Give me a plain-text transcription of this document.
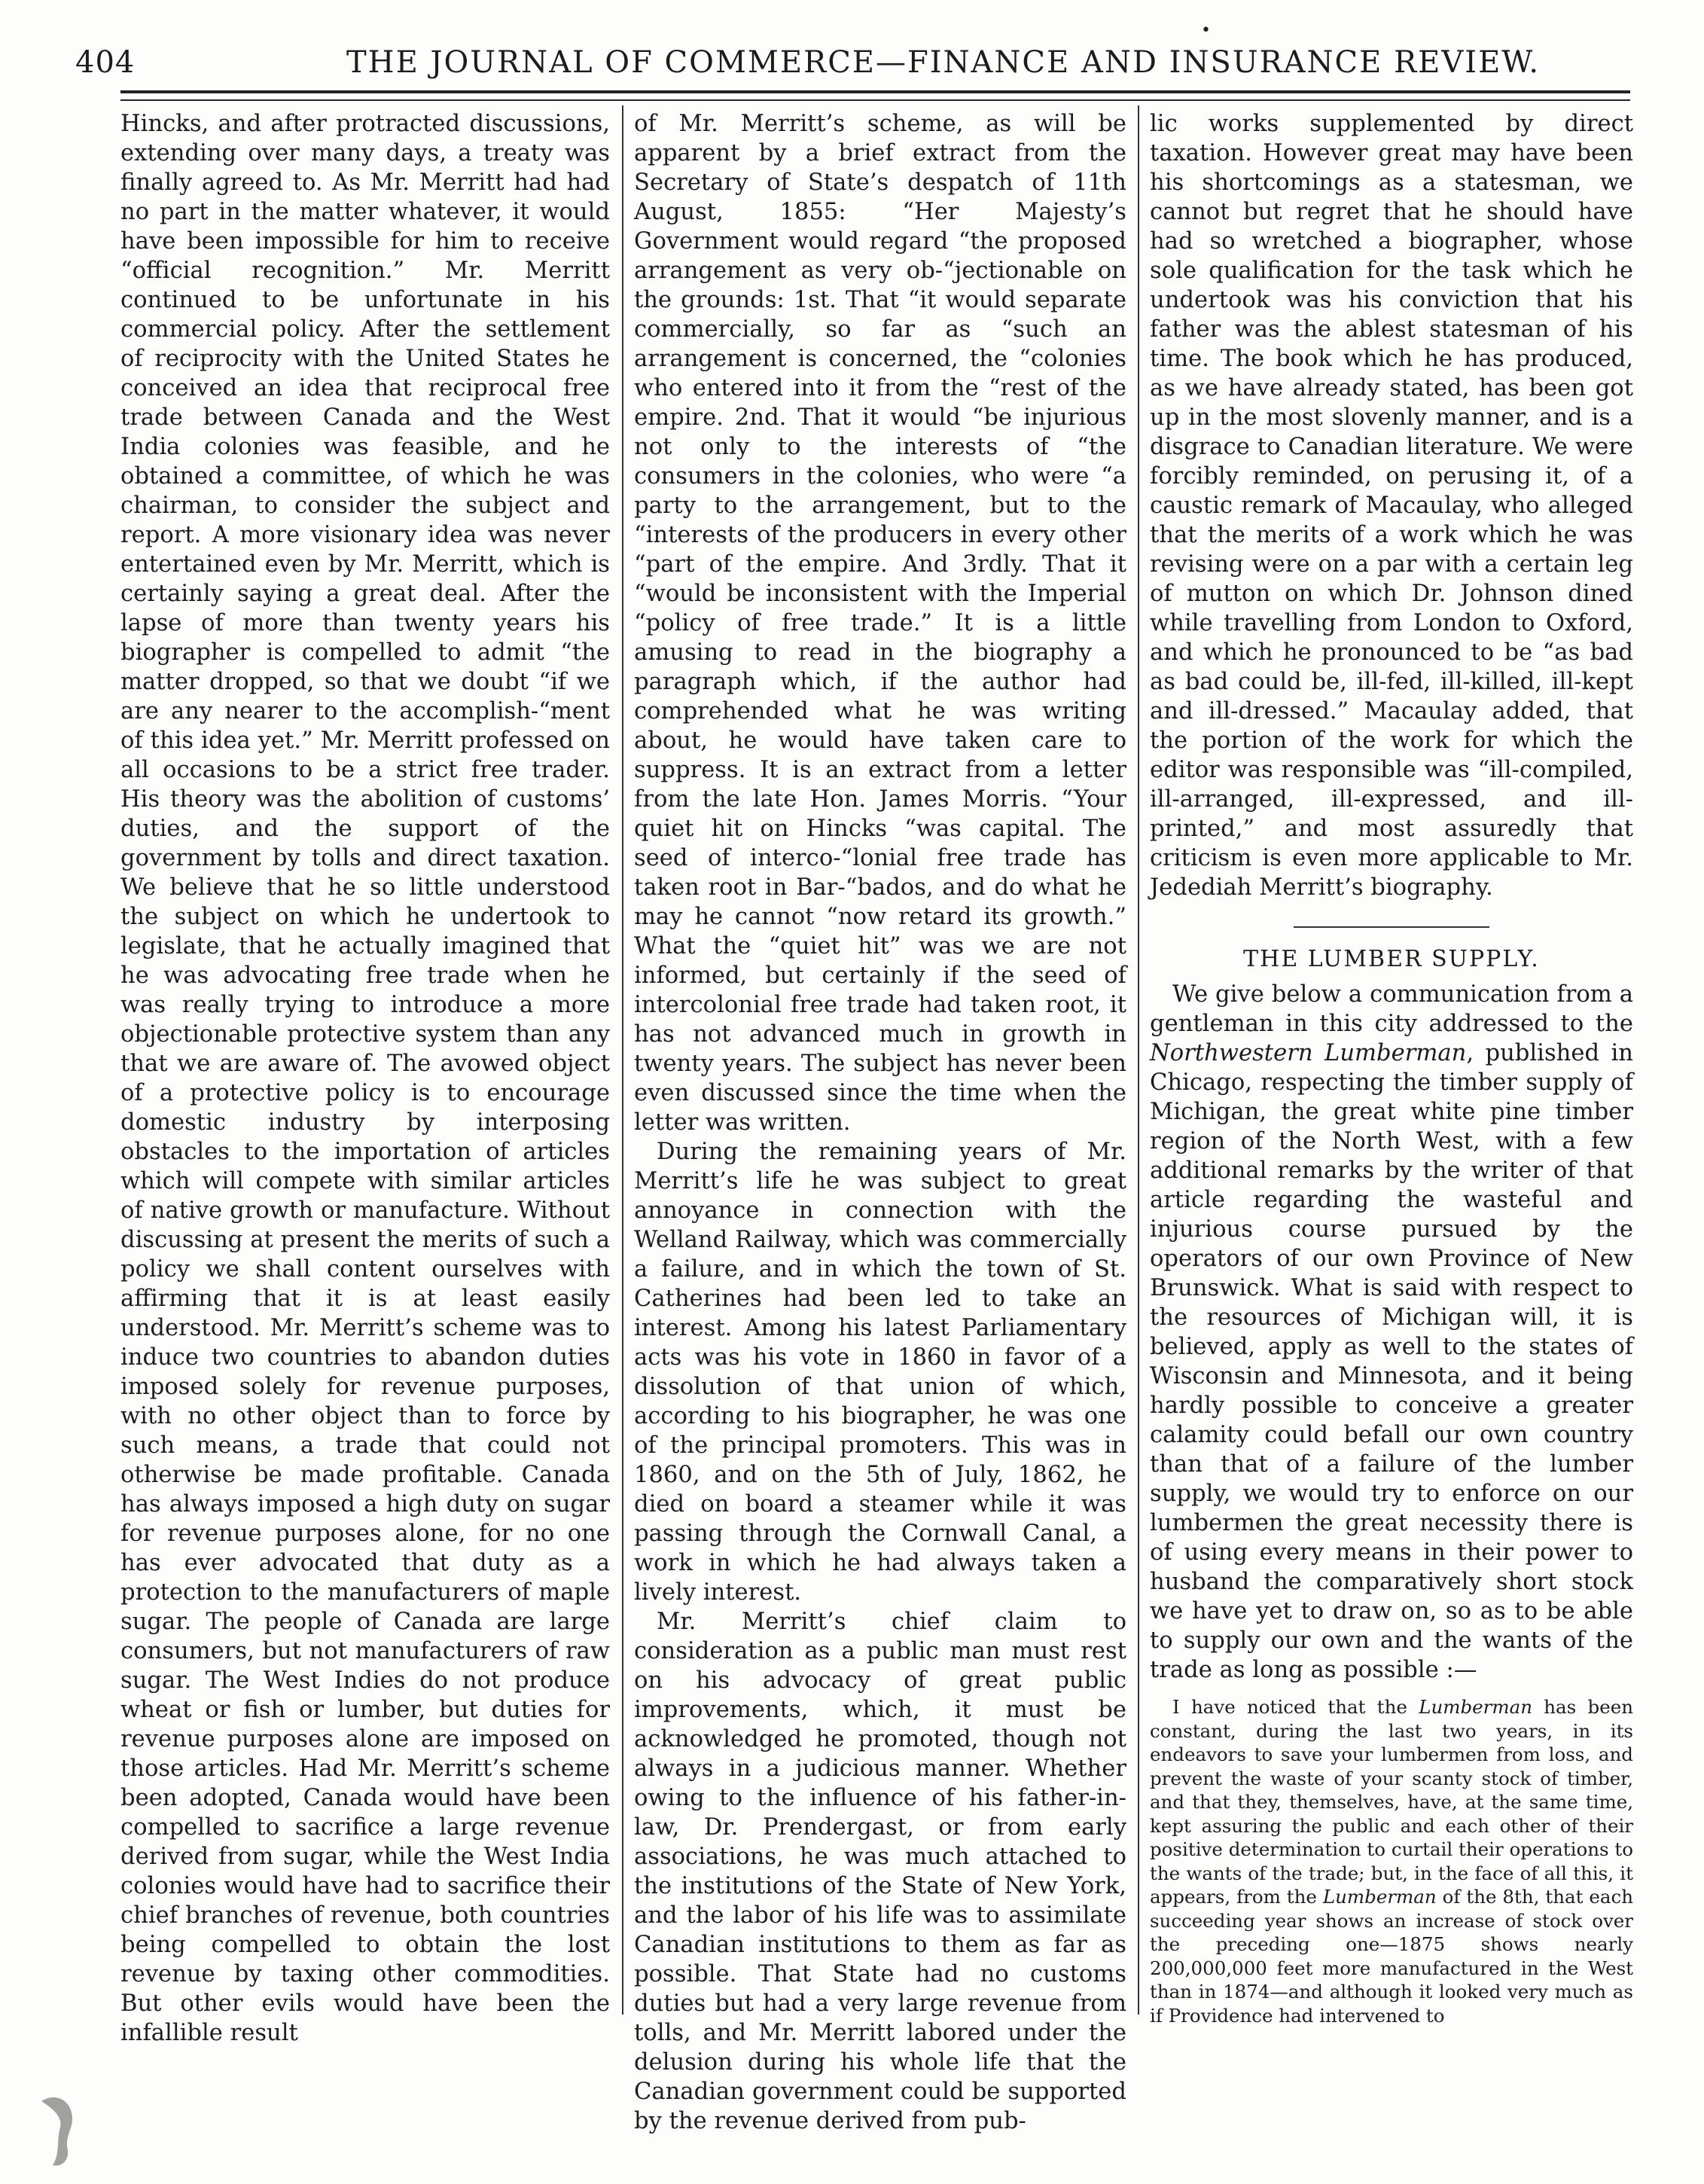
404	THE JOURNAL OF COMMERCE—FINANCE AND INSURANCE REVIEW.
•

Hincks, and after protracted discussions, extending over many days, a treaty was finally agreed to. As Mr. Merritt had had no part in the matter whatever, it would have been impossible for him to receive “official recognition.” Mr. Merritt continued to be unfortunate in his commercial policy. After the settlement of reciprocity with the United States he conceived an idea that reciprocal free trade between Canada and the West India colonies was feasible, and he obtained a committee, of which he was chairman, to consider the subject and report. A more visionary idea was never entertained even by Mr. Merritt, which is certainly saying a great deal. After the lapse of more than twenty years his biographer is compelled to admit “the matter dropped, so that we doubt “if we are any nearer to the accomplish-“ment of this idea yet.” Mr. Merritt professed on all occasions to be a strict free trader. His theory was the abolition of customs’ duties, and the support of the government by tolls and direct taxation. We believe that he so little understood the subject on which he undertook to legislate, that he actually imagined that he was advocating free trade when he was really trying to introduce a more objectionable protective system than any that we are aware of. The avowed object of a protective policy is to encourage domestic industry by interposing obstacles to the importation of articles which will compete with similar articles of native growth or manufacture. Without discussing at present the merits of such a policy we shall content ourselves with affirming that it is at least easily understood. Mr. Merritt’s scheme was to induce two countries to abandon duties imposed solely for revenue purposes, with no other object than to force by such means, a trade that could not otherwise be made profitable. Canada has always imposed a high duty on sugar for revenue purposes alone, for no one has ever advocated that duty as a protection to the manufacturers of maple sugar. The people of Canada are large consumers, but not manufacturers of raw sugar. The West Indies do not produce wheat or fish or lumber, but duties for revenue purposes alone are imposed on those articles. Had Mr. Merritt’s scheme been adopted, Canada would have been compelled to sacrifice a large revenue derived from sugar, while the West India colonies would have had to sacrifice their chief branches of revenue, both countries being compelled to obtain the lost revenue by taxing other commodities. But other evils would have been the infallible result

of Mr. Merritt’s scheme, as will be apparent by a brief extract from the Secretary of State’s despatch of 11th August, 1855: “Her Majesty’s Government would regard “the proposed arrangement as very ob-“jectionable on the grounds: 1st. That “it would separate commercially, so far as “such an arrangement is concerned, the “colonies who entered into it from the “rest of the empire. 2nd. That it would “be injurious not only to the interests of “the consumers in the colonies, who were “a party to the arrangement, but to the “interests of the producers in every other “part of the empire. And 3rdly. That it “would be inconsistent with the Imperial “policy of free trade.” It is a little amusing to read in the biography a paragraph which, if the author had comprehended what he was writing about, he would have taken care to suppress. It is an extract from a letter from the late Hon. James Morris. “Your quiet hit on Hincks “was capital. The seed of interco-“lonial free trade has taken root in Bar-“bados, and do what he may he cannot “now retard its growth.” What the “quiet hit” was we are not informed, but certainly if the seed of intercolonial free trade had taken root, it has not advanced much in growth in twenty years. The subject has never been even discussed since the time when the letter was written.

During the remaining years of Mr. Merritt’s life he was subject to great annoyance in connection with the Welland Railway, which was commercially a failure, and in which the town of St. Catherines had been led to take an interest. Among his latest Parliamentary acts was his vote in 1860 in favor of a dissolution of that union of which, according to his biographer, he was one of the principal promoters. This was in 1860, and on the 5th of July, 1862, he died on board a steamer while it was passing through the Cornwall Canal, a work in which he had always taken a lively interest.

Mr. Merritt’s chief claim to consideration as a public man must rest on his advocacy of great public improvements, which, it must be acknowledged he promoted, though not always in a judicious manner. Whether owing to the influence of his father-in-law, Dr. Prendergast, or from early associations, he was much attached to the institutions of the State of New York, and the labor of his life was to assimilate Canadian institutions to them as far as possible. That State had no customs duties but had a very large revenue from tolls, and Mr. Merritt labored under the delusion during his whole life that the Canadian government could be supported by the revenue derived from pub-

lic works supplemented by direct taxation. However great may have been his shortcomings as a statesman, we cannot but regret that he should have had so wretched a biographer, whose sole qualification for the task which he undertook was his conviction that his father was the ablest statesman of his time. The book which he has produced, as we have already stated, has been got up in the most slovenly manner, and is a disgrace to Canadian literature. We were forcibly reminded, on perusing it, of a caustic remark of Macaulay, who alleged that the merits of a work which he was revising were on a par with a certain leg of mutton on which Dr. Johnson dined while travelling from London to Oxford, and which he pronounced to be “as bad as bad could be, ill-fed, ill-killed, ill-kept and ill-dressed.” Macaulay added, that the portion of the work for which the editor was responsible was “ill-compiled, ill-arranged, ill-expressed, and ill-printed,” and most assuredly that criticism is even more applicable to Mr. Jedediah Merritt’s biography.

THE LUMBER SUPPLY.

We give below a communication from a gentleman in this city addressed to the Northwestern Lumberman, published in Chicago, respecting the timber supply of Michigan, the great white pine timber region of the North West, with a few additional remarks by the writer of that article regarding the wasteful and injurious course pursued by the operators of our own Province of New Brunswick. What is said with respect to the resources of Michigan will, it is believed, apply as well to the states of Wisconsin and Minnesota, and it being hardly possible to conceive a greater calamity could befall our own country than that of a failure of the lumber supply, we would try to enforce on our lumbermen the great necessity there is of using every means in their power to husband the comparatively short stock we have yet to draw on, so as to be able to supply our own and the wants of the trade as long as possible :—

I have noticed that the Lumberman has been constant, during the last two years, in its endeavors to save your lumbermen from loss, and prevent the waste of your scanty stock of timber, and that they, themselves, have, at the same time, kept assuring the public and each other of their positive determination to curtail their operations to the wants of the trade; but, in the face of all this, it appears, from the Lumberman of the 8th, that each succeeding year shows an increase of stock over the preceding one—1875 shows nearly 200,000,000 feet more manufactured in the West than in 1874—and although it looked very much as if Providence had intervened to
